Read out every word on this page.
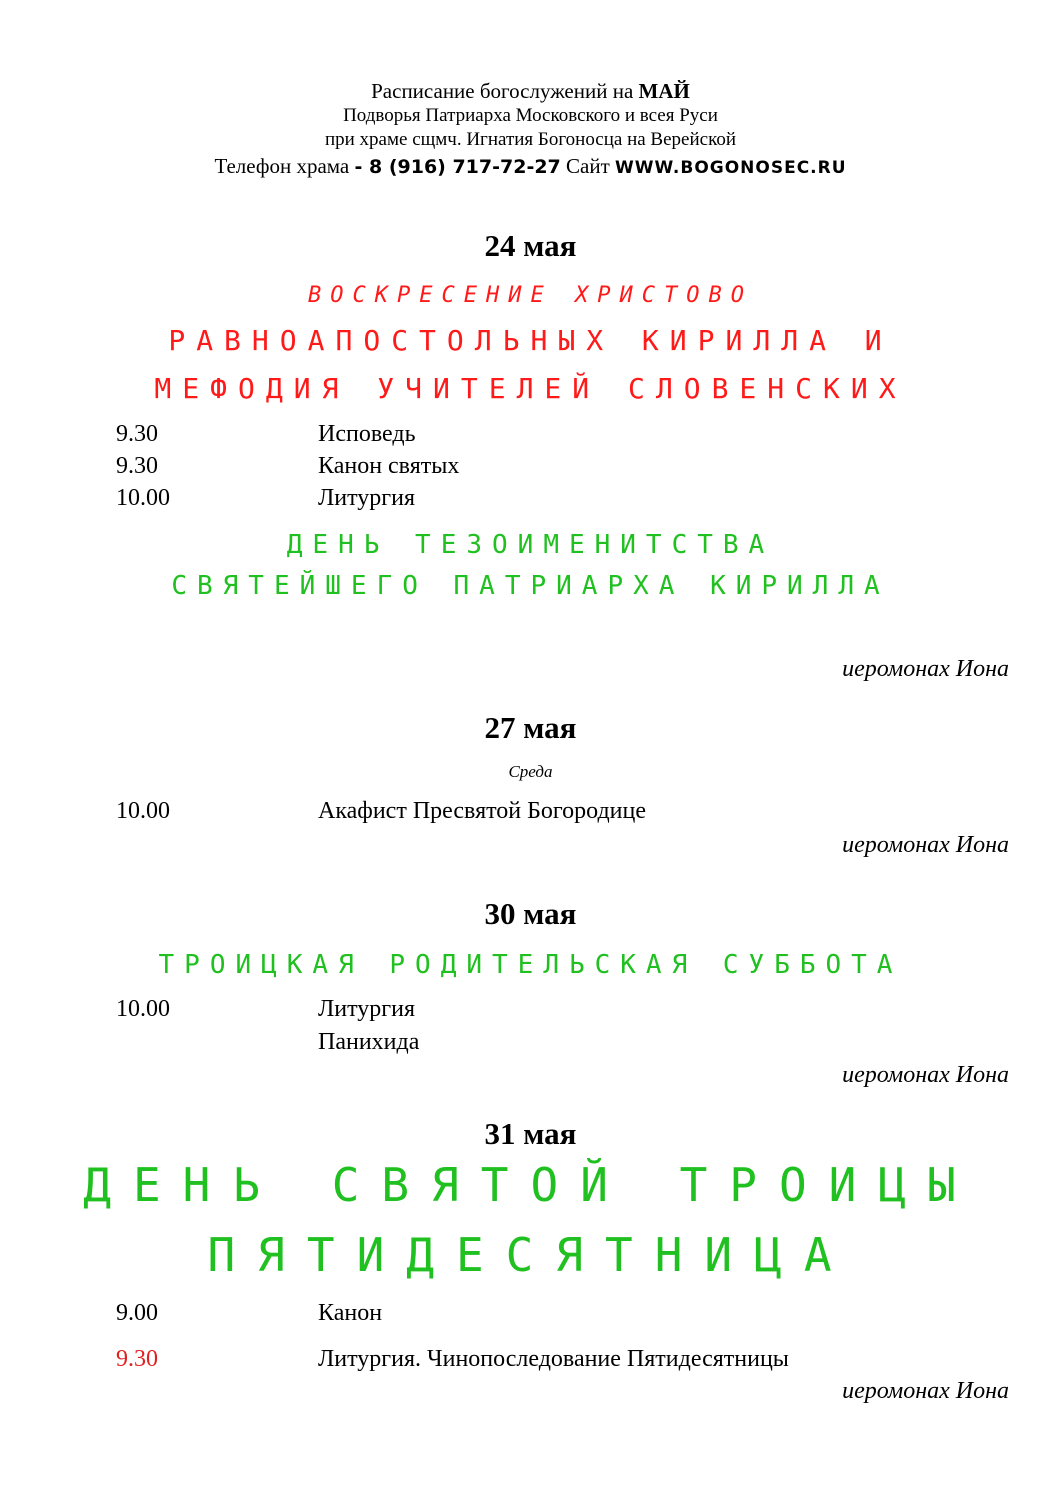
Расписание богослужений на МАЙ
Подворья Патриарха Московского и всея Руси
при храме сщмч. Игнатия Богоносца на Верейской
Телефон храма - 8 (916) 717-72-27 Сайт WWW.BOGONOSEC.RU
24 мая
ВОСКРЕСЕНИЕ ХРИСТОВО
РАВНОАПОСТОЛЬНЫХ КИРИЛЛА И
МЕФОДИЯ УЧИТЕЛЕЙ СЛОВЕНСКИХ
9.30	Исповедь
9.30	Канон святых
10.00	Литургия
ДЕНЬ ТЕЗОИМЕНИТСТВА
СВЯТЕЙШЕГО ПАТРИАРХА КИРИЛЛА
иеромонах Иона
27 мая
Среда
10.00	Акафист Пресвятой Богородице
иеромонах Иона
30 мая
ТРОИЦКАЯ РОДИТЕЛЬСКАЯ СУББОТА
10.00	Литургия
Панихида
иеромонах Иона
31 мая
ДЕНЬ СВЯТОЙ ТРОИЦЫ
ПЯТИДЕСЯТНИЦА
9.00	Канон
9.30	Литургия. Чинопоследование Пятидесятницы
иеромонах Иона
